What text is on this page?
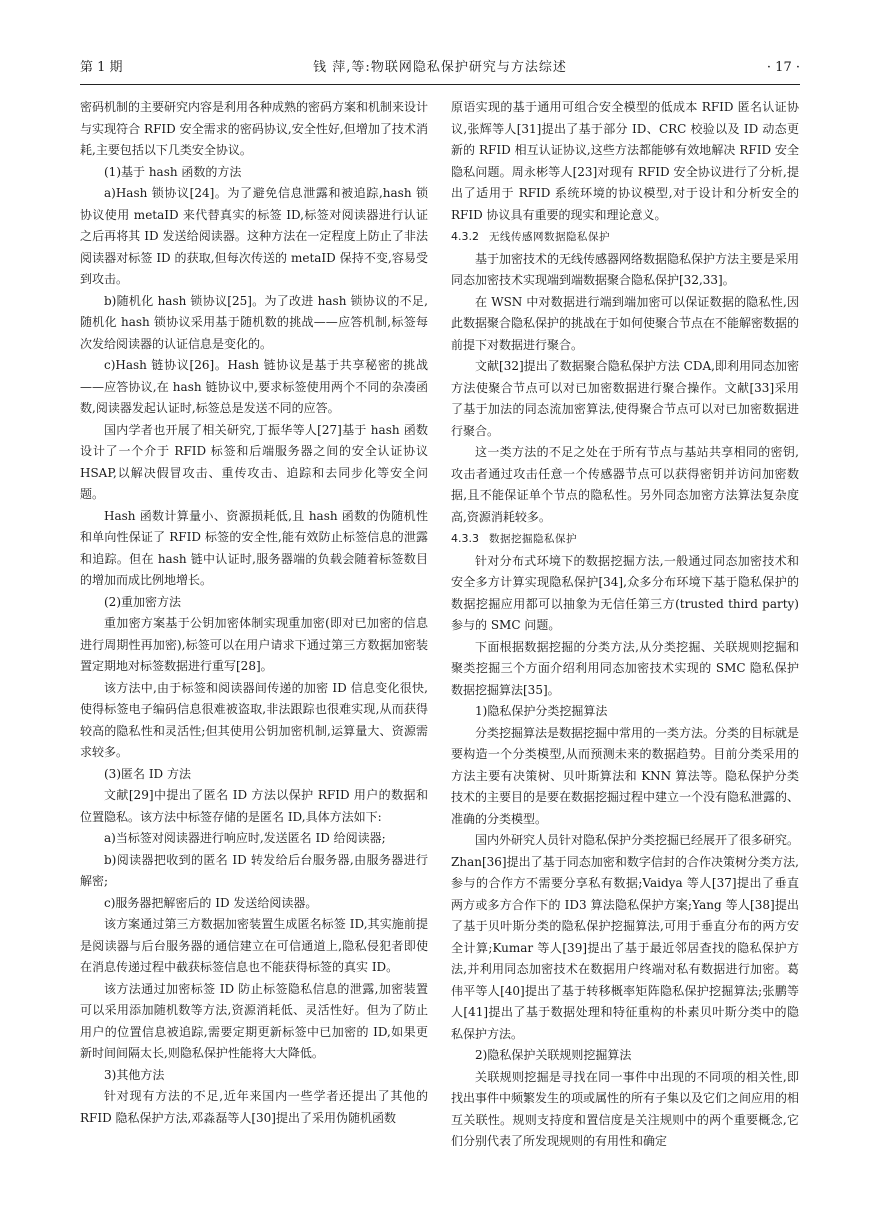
第 1 期	钱 萍,等:物联网隐私保护研究与方法综述	· 17 ·

密码机制的主要研究内容是利用各种成熟的密码方案和机制来设计与实现符合 RFID 安全需求的密码协议,安全性好,但增加了技术消耗,主要包括以下几类安全协议。

(1)基于 hash 函数的方法

a)Hash 锁协议[24]。为了避免信息泄露和被追踪,hash 锁协议使用 metaID 来代替真实的标签 ID,标签对阅读器进行认证之后再将其 ID 发送给阅读器。这种方法在一定程度上防止了非法阅读器对标签 ID 的获取,但每次传送的 metaID 保持不变,容易受到攻击。

b)随机化 hash 锁协议[25]。为了改进 hash 锁协议的不足,随机化 hash 锁协议采用基于随机数的挑战——应答机制,标签每次发给阅读器的认证信息是变化的。

c)Hash 链协议[26]。Hash 链协议是基于共享秘密的挑战——应答协议,在 hash 链协议中,要求标签使用两个不同的杂凑函数,阅读器发起认证时,标签总是发送不同的应答。

国内学者也开展了相关研究,丁振华等人[27]基于 hash 函数设计了一个介于 RFID 标签和后端服务器之间的安全认证协议 HSAP,以解决假冒攻击、重传攻击、追踪和去同步化等安全问题。

Hash 函数计算量小、资源损耗低,且 hash 函数的伪随机性和单向性保证了 RFID 标签的安全性,能有效防止标签信息的泄露和追踪。但在 hash 链中认证时,服务器端的负载会随着标签数目的增加而成比例地增长。

(2)重加密方法

重加密方案基于公钥加密体制实现重加密(即对已加密的信息进行周期性再加密),标签可以在用户请求下通过第三方数据加密装置定期地对标签数据进行重写[28]。

该方法中,由于标签和阅读器间传递的加密 ID 信息变化很快,使得标签电子编码信息很难被盗取,非法跟踪也很难实现,从而获得较高的隐私性和灵活性;但其使用公钥加密机制,运算量大、资源需求较多。

(3)匿名 ID 方法

文献[29]中提出了匿名 ID 方法以保护 RFID 用户的数据和位置隐私。该方法中标签存储的是匿名 ID,具体方法如下:

a)当标签对阅读器进行响应时,发送匿名 ID 给阅读器;

b)阅读器把收到的匿名 ID 转发给后台服务器,由服务器进行解密;

c)服务器把解密后的 ID 发送给阅读器。

该方案通过第三方数据加密装置生成匿名标签 ID,其实施前提是阅读器与后台服务器的通信建立在可信通道上,隐私侵犯者即使在消息传递过程中截获标签信息也不能获得标签的真实 ID。

该方法通过加密标签 ID 防止标签隐私信息的泄露,加密装置可以采用添加随机数等方法,资源消耗低、灵活性好。但为了防止用户的位置信息被追踪,需要定期更新标签中已加密的 ID,如果更新时间间隔太长,则隐私保护性能将大大降低。

3)其他方法

针对现有方法的不足,近年来国内一些学者还提出了其他的 RFID 隐私保护方法,邓淼磊等人[30]提出了采用伪随机函数

原语实现的基于通用可组合安全模型的低成本 RFID 匿名认证协议,张辉等人[31]提出了基于部分 ID、CRC 校验以及 ID 动态更新的 RFID 相互认证协议,这些方法都能够有效地解决 RFID 安全隐私问题。周永彬等人[23]对现有 RFID 安全协议进行了分析,提出了适用于 RFID 系统环境的协议模型,对于设计和分析安全的 RFID 协议具有重要的现实和理论意义。

4.3.2 无线传感网数据隐私保护

基于加密技术的无线传感器网络数据隐私保护方法主要是采用同态加密技术实现端到端数据聚合隐私保护[32,33]。

在 WSN 中对数据进行端到端加密可以保证数据的隐私性,因此数据聚合隐私保护的挑战在于如何使聚合节点在不能解密数据的前提下对数据进行聚合。

文献[32]提出了数据聚合隐私保护方法 CDA,即利用同态加密方法使聚合节点可以对已加密数据进行聚合操作。文献[33]采用了基于加法的同态流加密算法,使得聚合节点可以对已加密数据进行聚合。

这一类方法的不足之处在于所有节点与基站共享相同的密钥,攻击者通过攻击任意一个传感器节点可以获得密钥并访问加密数据,且不能保证单个节点的隐私性。另外同态加密方法算法复杂度高,资源消耗较多。

4.3.3 数据挖掘隐私保护

针对分布式环境下的数据挖掘方法,一般通过同态加密技术和安全多方计算实现隐私保护[34],众多分布环境下基于隐私保护的数据挖掘应用都可以抽象为无信任第三方(trusted third party)参与的 SMC 问题。

下面根据数据挖掘的分类方法,从分类挖掘、关联规则挖掘和聚类挖掘三个方面介绍利用同态加密技术实现的 SMC 隐私保护数据挖掘算法[35]。

1)隐私保护分类挖掘算法

分类挖掘算法是数据挖掘中常用的一类方法。分类的目标就是要构造一个分类模型,从而预测未来的数据趋势。目前分类采用的方法主要有决策树、贝叶斯算法和 KNN 算法等。隐私保护分类技术的主要目的是要在数据挖掘过程中建立一个没有隐私泄露的、准确的分类模型。

国内外研究人员针对隐私保护分类挖掘已经展开了很多研究。Zhan[36]提出了基于同态加密和数字信封的合作决策树分类方法,参与的合作方不需要分享私有数据;Vaidya 等人[37]提出了垂直两方或多方合作下的 ID3 算法隐私保护方案;Yang 等人[38]提出了基于贝叶斯分类的隐私保护挖掘算法,可用于垂直分布的两方安全计算;Kumar 等人[39]提出了基于最近邻居查找的隐私保护方法,并利用同态加密技术在数据用户终端对私有数据进行加密。葛伟平等人[40]提出了基于转移概率矩阵隐私保护挖掘算法;张鹏等人[41]提出了基于数据处理和特征重构的朴素贝叶斯分类中的隐私保护方法。

2)隐私保护关联规则挖掘算法

关联规则挖掘是寻找在同一事件中出现的不同项的相关性,即找出事件中频繁发生的项或属性的所有子集以及它们之间应用的相互关联性。规则支持度和置信度是关注规则中的两个重要概念,它们分别代表了所发现规则的有用性和确定
